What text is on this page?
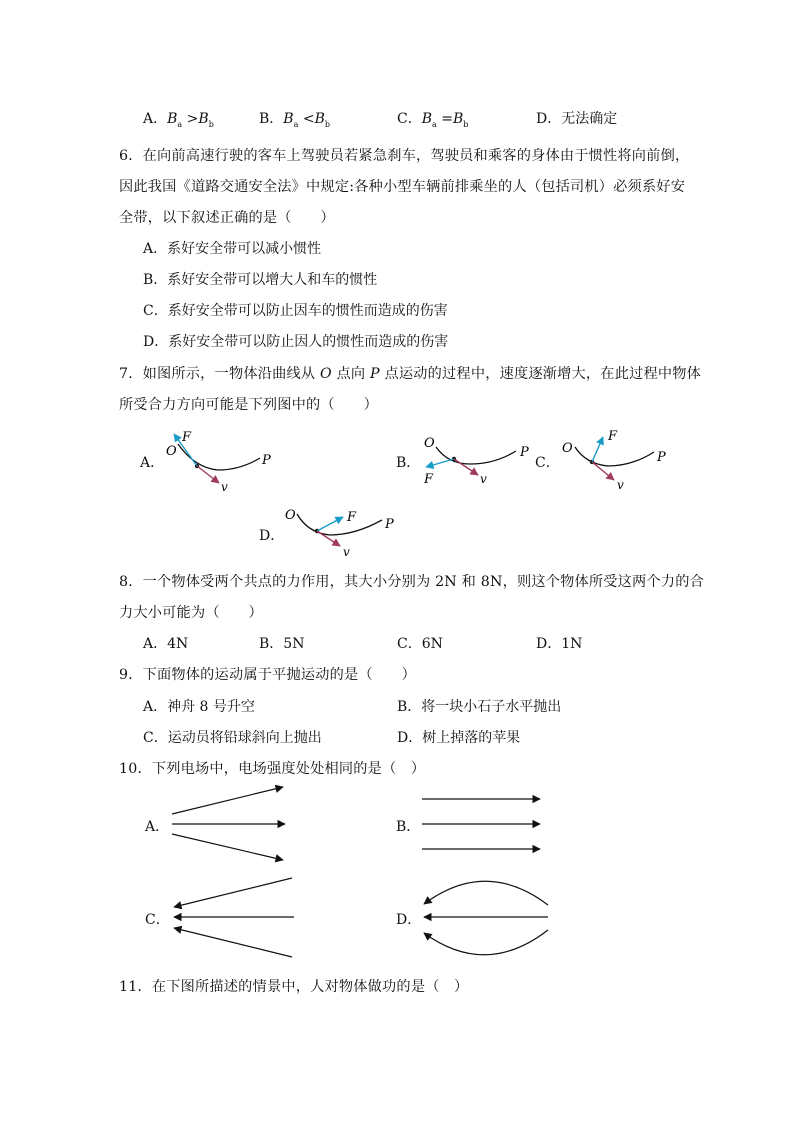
A．$B_a >B_b$	B．$B_a <B_b$	C．$B_a =B_b$	D．无法确定
6．在向前高速行驶的客车上驾驶员若紧急刹车，驾驶员和乘客的身体由于惯性将向前倒，
因此我国《道路交通安全法》中规定:各种小型车辆前排乘坐的人（包括司机）必须系好安
全带，以下叙述正确的是（　　）
A．系好安全带可以减小惯性
B．系好安全带可以增大人和车的惯性
C．系好安全带可以防止因车的惯性而造成的伤害
D．系好安全带可以防止因人的惯性而造成的伤害
7．如图所示，一物体沿曲线从 O 点向 P 点运动的过程中，速度逐渐增大，在此过程中物体
所受合力方向可能是下列图中的（　　）
A．	B．	C．
D．
F
O
P
v
O
P
F	v
O
F
P
v
O	F P
v
8．一个物体受两个共点的力作用，其大小分别为 2N 和 8N，则这个物体所受这两个力的合
力大小可能为（　　）
A．4N	B．5N	C．6N	D．1N
9．下面物体的运动属于平抛运动的是（　　）
A．神舟 8 号升空	B．将一块小石子水平抛出
C．运动员将铅球斜向上抛出	D．树上掉落的苹果
10．下列电场中，电场强度处处相同的是（　）
A．	B．
C．	D．
11．在下图所描述的情景中，人对物体做功的是（　）
